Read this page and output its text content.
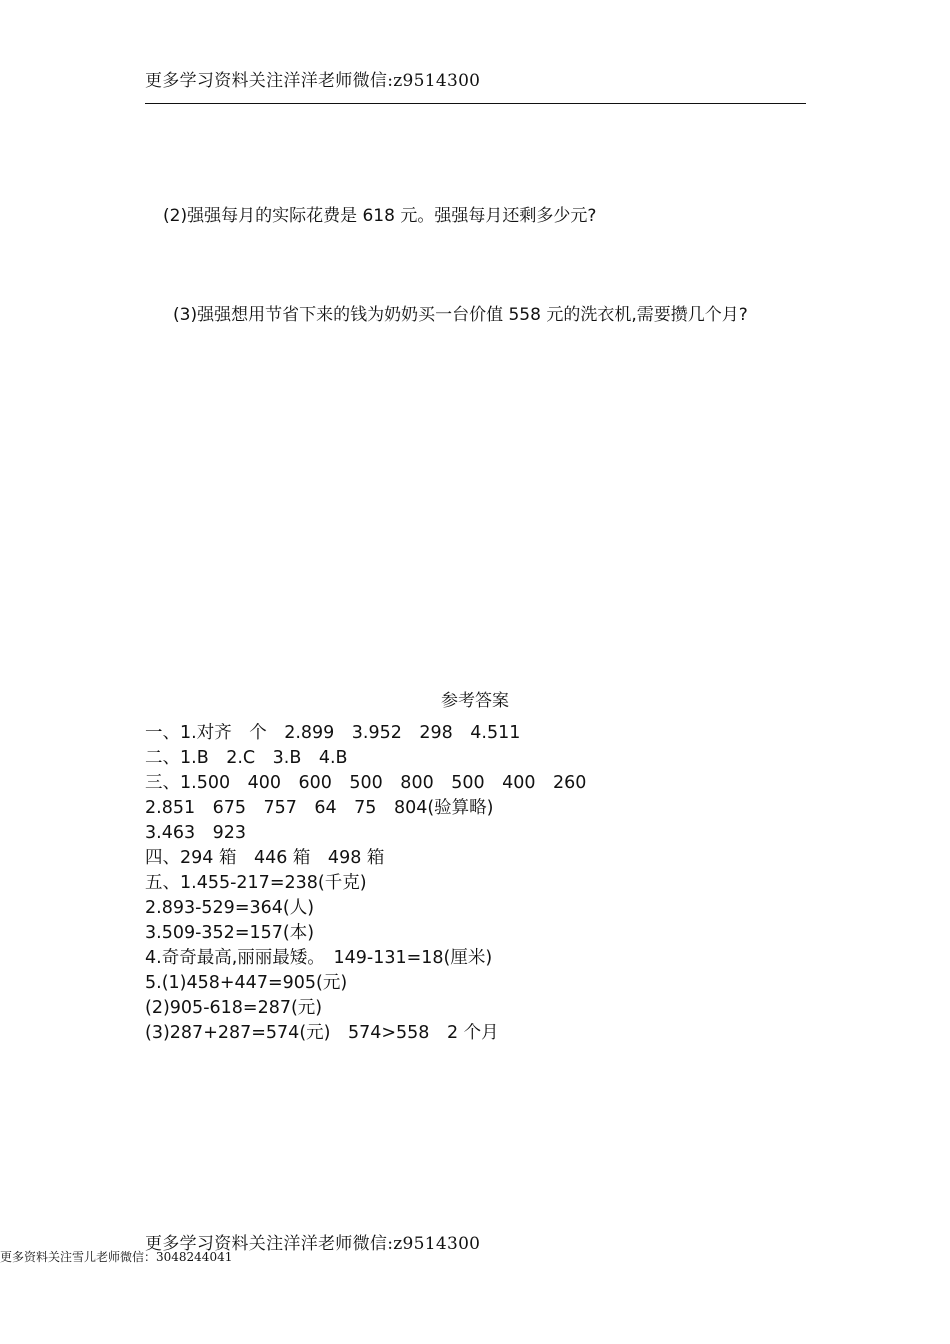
更多学习资料关注洋洋老师微信:z9514300
(2)强强每月的实际花费是 618 元。强强每月还剩多少元?
(3)强强想用节省下来的钱为奶奶买一台价值 558 元的洗衣机,需要攒几个月?
参考答案
一、1.对齐　个　2.899　3.952　298　4.511
二、1.B　2.C　3.B　4.B
三、1.500　400　600　500　800　500　400　260
2.851　675　757　64　75　804(验算略)
3.463　923
四、294 箱　446 箱　498 箱
五、1.455-217=238(千克)
2.893-529=364(人)
3.509-352=157(本)
4.奇奇最高,丽丽最矮。　149-131=18(厘米)
5.(1)458+447=905(元)
(2)905-618=287(元)
(3)287+287=574(元)　574>558　2 个月
更多学习资料关注洋洋老师微信:z9514300
更多资料关注雪儿老师微信：3048244041
